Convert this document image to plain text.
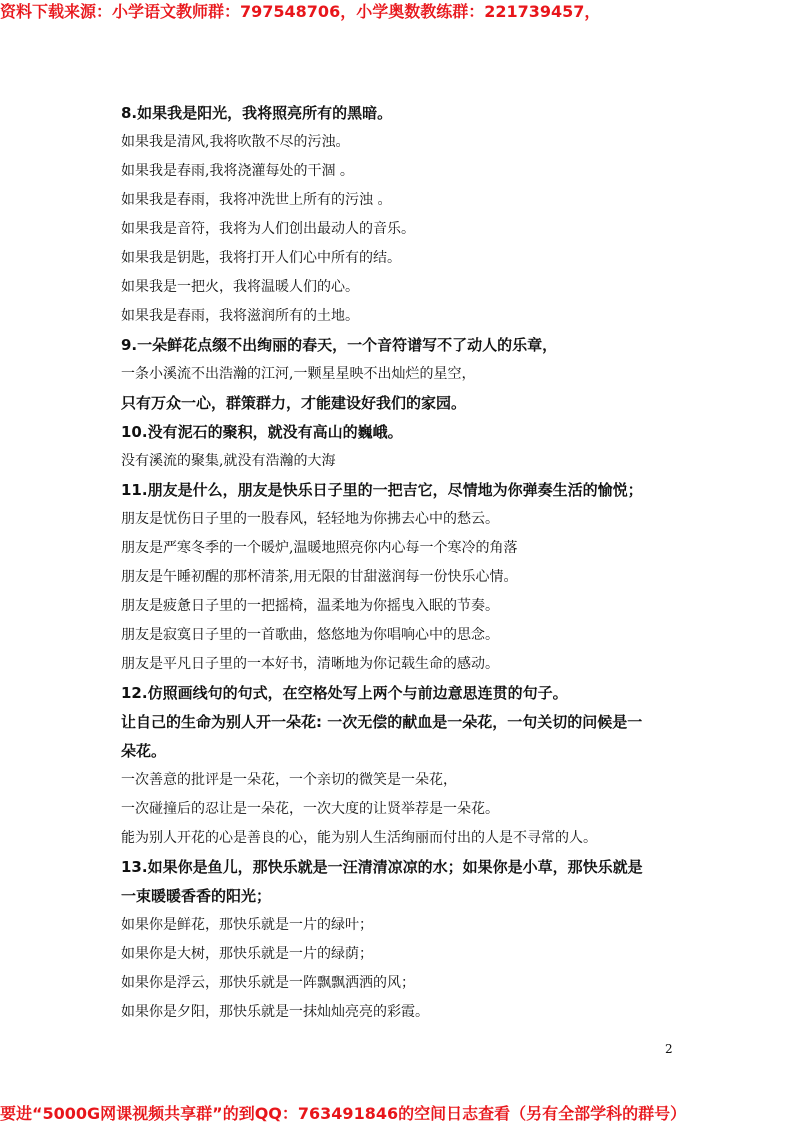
资料下载来源：小学语文教师群：797548706，小学奥数教练群：221739457，
8.如果我是阳光，我将照亮所有的黑暗。
如果我是清风,我将吹散不尽的污浊。
如果我是春雨,我将浇灌每处的干涸 。
如果我是春雨，我将冲洗世上所有的污浊 。
如果我是音符，我将为人们创出最动人的音乐。
如果我是钥匙，我将打开人们心中所有的结。
如果我是一把火，我将温暖人们的心。
如果我是春雨，我将滋润所有的土地。
9.一朵鲜花点缀不出绚丽的春天，一个音符谱写不了动人的乐章，
一条小溪流不出浩瀚的江河,一颗星星映不出灿烂的星空，
只有万众一心，群策群力，才能建设好我们的家园。
10.没有泥石的聚积，就没有高山的巍峨。
没有溪流的聚集,就没有浩瀚的大海
11.朋友是什么，朋友是快乐日子里的一把吉它，尽情地为你弹奏生活的愉悦；
朋友是忧伤日子里的一股春风，轻轻地为你拂去心中的愁云。
朋友是严寒冬季的一个暖炉,温暖地照亮你内心每一个寒冷的角落
朋友是午睡初醒的那杯清茶,用无限的甘甜滋润每一份快乐心情。
朋友是疲惫日子里的一把摇椅，温柔地为你摇曳入眠的节奏。
朋友是寂寞日子里的一首歌曲，悠悠地为你唱响心中的思念。
朋友是平凡日子里的一本好书，清晰地为你记载生命的感动。
12.仿照画线句的句式，在空格处写上两个与前边意思连贯的句子。
让自己的生命为别人开一朵花: 一次无偿的献血是一朵花，一句关切的问候是一
朵花。
一次善意的批评是一朵花，一个亲切的微笑是一朵花，
一次碰撞后的忍让是一朵花，一次大度的让贤举荐是一朵花。
能为别人开花的心是善良的心，能为别人生活绚丽而付出的人是不寻常的人。
13.如果你是鱼儿，那快乐就是一汪清清凉凉的水；如果你是小草，那快乐就是
一束暖暖香香的阳光；
如果你是鲜花，那快乐就是一片的绿叶；
如果你是大树，那快乐就是一片的绿荫；
如果你是浮云，那快乐就是一阵飘飘洒洒的风；
如果你是夕阳，那快乐就是一抹灿灿亮亮的彩霞。
2
要进“5000G网课视频共享群”的到QQ：763491846的空间日志查看（另有全部学科的群号）
